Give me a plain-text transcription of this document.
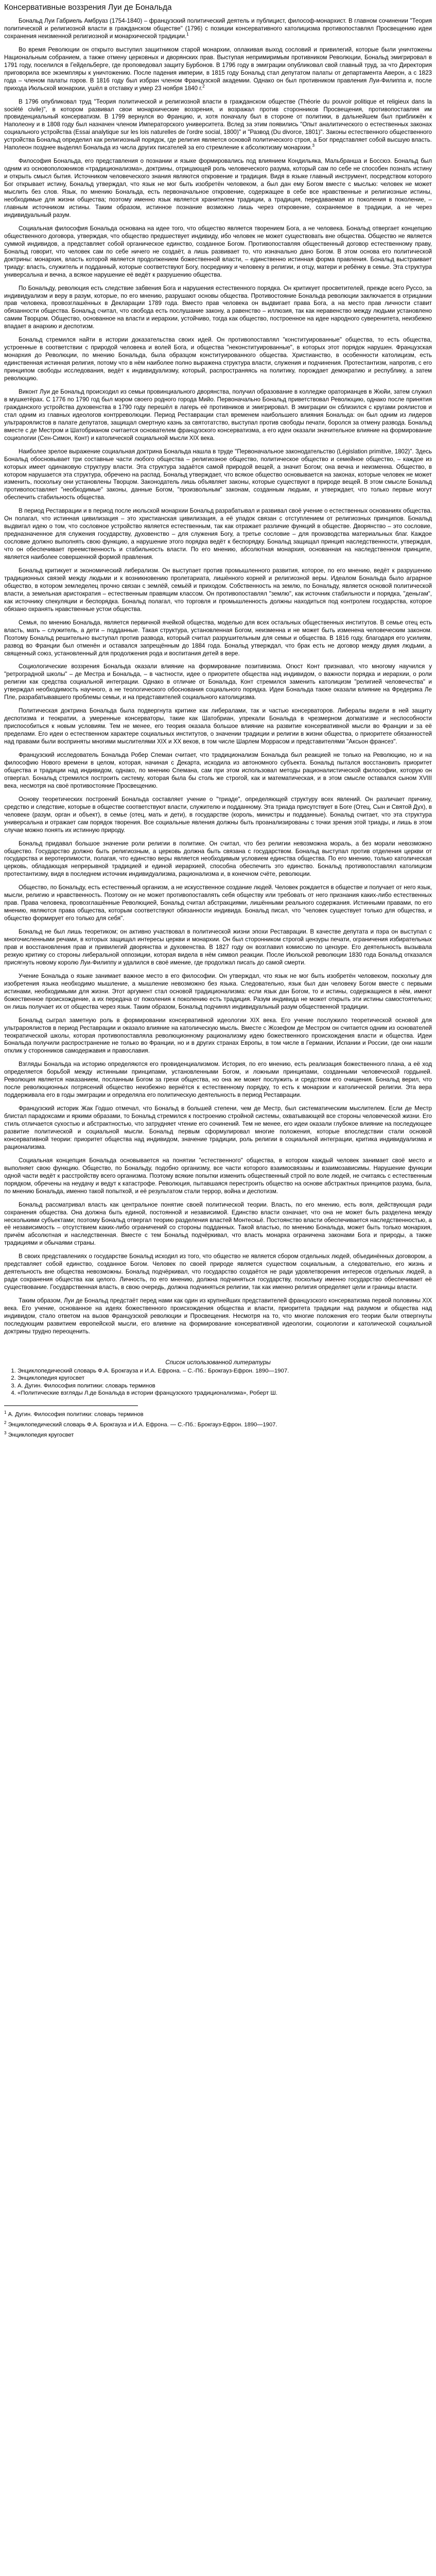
Консервативные воззрения Луи де Бональда

Бональд Луи Габриель Амбруаз (1754-1840) – французский политический деятель и публицист, философ-монархист. В главном сочинении "Теория политической и религиозной власти в гражданском обществе" (1796) с позиции консервативного католицизма противопоставлял Просвещению идеи сохранения неизменной религиозной и монархической традиции.$^1$

Во время Революции он открыто выступил защитником старой монархии, оплакивая выход сословий и привилегий, которые были уничтожены Национальным собранием, а также отмену церковных и дворянских прав. Выступая непримиримым противником Революции, Бональд эмигрировал в 1791 году, поселился в Гейдельберге, где проповедовал защиту Бурбонов. В 1796 году в эмиграции опубликовал свой главный труд, за что Директория приговорила все экземпляры к уничтожению. После падения империи, в 1815 году Бональд стал депутатом палаты от департамента Аверон, а с 1823 года – членом палаты пэров. В 1816 году был избран членом Французской академии. Однако он был противником правления Луи-Филиппа и, после прихода Июльской монархии, ушёл в отставку и умер 23 ноября 1840 г.$^2$

В 1796 опубликовал труд "Теория политической и религиозной власти в гражданском обществе (Théorie du pouvoir politique et religieux dans la société civile)", в котором развивал свои монархические воззрения, и возражал против сторонников Просвещения, противопоставляя им провиденциальный консерватизм. В 1799 вернулся во Францию, и, хотя поначалу был в стороне от политики, в дальнейшем был приближён к Наполеону и в 1808 году был назначен членом Императорского университета. Вслед за этим появились "Опыт аналитического о естественных законах социального устройства (Essai analytique sur les lois naturelles de l'ordre social, 1800)" и "Развод (Du divorce, 1801)". Законы естественного общественного устройства Бональд определил как религиозный порядок, где религия является основой политического строя, а Бог представляет собой высшую власть. Наполеон позднее выделял Бональда из числа других писателей за его стремление к абсолютизму монархии.$^3$

Философия Бональда, его представления о познании и языке формировались под влиянием Кондильяка, Мальбранша и Боссюэ. Бональд был одним из основоположников «традиционализма», доктрины, отрицающей роль человеческого разума, который сам по себе не способен познать истину и открыть смысл бытия. Источником человеческого знания являются откровение и традиция. Видя в языке главный инструмент, посредством которого Бог открывает истину, Бональд утверждал, что язык не мог быть изобретён человеком, а был дан ему Богом вместе с мыслью: человек не может мыслить без слов. Язык, по мнению Бональда, есть первоначальное откровение, содержащее в себе все нравственные и религиозные истины, необходимые для жизни общества; поэтому именно язык является хранителем традиции, а традиция, передаваемая из поколения в поколение, – главным источником истины. Таким образом, истинное познание возможно лишь через откровение, сохраняемое в традиции, а не через индивидуальный разум.

Социальная философия Бональда основана на идее того, что общество является творением Бога, а не человека. Бональд отвергает концепцию общественного договора, утверждая, что общество предшествует индивиду, ибо человек не может существовать вне общества. Общество не является суммой индивидов, а представляет собой органическое единство, созданное Богом. Противопоставляя общественный договор естественному праву, Бональд говорит, что человек сам по себе ничего не создаёт, а лишь развивает то, что изначально дано Богом. В этом основа его политической доктрины: монархия, власть которой является продолжением божественной власти, – единственно истинная форма правления. Бональд выстраивает триаду: власть, служитель и подданный, которые соответствуют Богу, посреднику и человеку в религии, и отцу, матери и ребёнку в семье. Эта структура универсальна и вечна, а всякое нарушение её ведёт к разрушению общества.

По Бональду, революция есть следствие забвения Бога и нарушения естественного порядка. Он критикует просветителей, прежде всего Руссо, за индивидуализм и веру в разум, которые, по его мнению, разрушают основы общества. Противостояние Бональда революции заключается в отрицании прав человека, провозглашённых в Декларации 1789 года. Вместо прав человека он выдвигает права Бога, а на место прав личности ставит обязанности общества. Бональд считал, что свобода есть послушание закону, а равенство – иллюзия, так как неравенство между людьми установлено самим Творцом. Общество, основанное на власти и иерархии, устойчиво, тогда как общество, построенное на идее народного суверенитета, неизбежно впадает в анархию и деспотизм.

Бональд стремился найти в истории доказательства своих идей. Он противопоставлял "конституированные" общества, то есть общества, устроенные в соответствии с природой человека и волей Бога, и общества "неконституированные", в которых этот порядок нарушен. Французская монархия до Революции, по мнению Бональда, была образцом конституированного общества. Христианство, в особенности католицизм, есть единственная истинная религия, потому что в нём наиболее полно выражена структура власти, служения и подчинения. Протестантизм, напротив, с его принципом свободы исследования, ведёт к индивидуализму, который, распространяясь на политику, порождает демократию и республику, а затем революцию.

Виконт Луи де Бональд происходил из семьи провинциального дворянства, получил образование в колледже ораторианцев в Жюйи, затем служил в мушкетёрах. С 1776 по 1790 год был мэром своего родного города Мийо. Первоначально Бональд приветствовал Революцию, однако после принятия гражданского устройства духовенства в 1790 году перешёл в лагерь её противников и эмигрировал. В эмиграции он сблизился с кругами роялистов и стал одним из главных идеологов контрреволюции. Период Реставрации стал временем наибольшего влияния Бональда: он был одним из лидеров ультрароялистов в палате депутатов, защищал смертную казнь за святотатство, выступал против свободы печати, боролся за отмену развода. Бональд вместе с де Местром и Шатобрианом считается основателем французского консерватизма, а его идеи оказали значительное влияние на формирование социологии (Сен-Симон, Конт) и католической социальной мысли XIX века.

Наиболее зрелое выражение социальная доктрина Бональда нашла в труде "Первоначальное законодательство (Législation primitive, 1802)". Здесь Бональд обосновывает три составные части любого общества – религиозное общество, политическое общество и семейное общество, – каждое из которых имеет одинаковую структуру власти. Эта структура задаётся самой природой вещей, а значит Богом; она вечна и неизменна. Общество, в котором нарушается эта структура, обречено на распад. Бональд утверждает, что всякое общество основывается на законах, которые человек не может изменить, поскольку они установлены Творцом. Законодатель лишь объявляет законы, которые существуют в природе вещей. В этом смысле Бональд противопоставляет "необходимые" законы, данные Богом, "произвольным" законам, созданным людьми, и утверждает, что только первые могут обеспечить стабильность общества.

В период Реставрации и в период после июльской монархии Бональд разрабатывал и развивал своё учение о естественных основаниях общества. Он полагал, что истинная цивилизация – это христианская цивилизация, а её упадок связан с отступлением от религиозных принципов. Бональд выдвигал идею о том, что сословное устройство является естественным, так как отражает различие функций в обществе. Дворянство – это сословие, предназначенное для служения государству, духовенство – для служения Богу, а третье сословие – для производства материальных благ. Каждое сословие должно выполнять свою функцию, а нарушение этого порядка ведёт к беспорядку. Бональд защищал принцип наследственности, утверждая, что он обеспечивает преемственность и стабильность власти. По его мнению, абсолютная монархия, основанная на наследственном принципе, является наиболее совершенной формой правления.

Бональд критикует и экономический либерализм. Он выступает против промышленного развития, которое, по его мнению, ведёт к разрушению традиционных связей между людьми и к возникновению пролетариата, лишённого корней и религиозной веры. Идеалом Бональда было аграрное общество, в котором земледелец прочно связан с землёй, семьёй и приходом. Собственность на землю, по Бональду, является основой политической власти, а земельная аристократия – естественным правящим классом. Он противопоставлял "землю", как источник стабильности и порядка, "деньгам", как источнику спекуляции и беспорядка. Бональд полагал, что торговля и промышленность должны находиться под контролем государства, которое обязано охранять нравственные устои общества.

Семья, по мнению Бональда, является первичной ячейкой общества, моделью для всех остальных общественных институтов. В семье отец есть власть, мать – служитель, а дети – подданные. Такая структура, установленная Богом, неизменна и не может быть изменена человеческим законом. Поэтому Бональд решительно выступал против развода, который считал разрушительным для семьи и общества. В 1816 году, благодаря его усилиям, развод во Франции был отменён и оставался запрещённым до 1884 года. Бональд утверждал, что брак есть не договор между двумя людьми, а священный союз, установленный для продолжения рода и воспитания детей в вере.

Социологические воззрения Бональда оказали влияние на формирование позитивизма. Огюст Конт признавал, что многому научился у "ретроградной школы" – де Местра и Бональда, – в частности, идее о приоритете общества над индивидом, о важности порядка и иерархии, о роли религии как средства социальной интеграции. Однако в отличие от Бональда, Конт стремился заменить католицизм "религией человечества" и утверждал необходимость научного, а не теологического обоснования социального порядка. Идеи Бональда также оказали влияние на Фредерика Ле Пле, разрабатывавшего проблемы семьи, и на представителей социального католицизма.

Политическая доктрина Бональда была подвергнута критике как либералами, так и частью консерваторов. Либералы видели в ней защиту деспотизма и теократии, а умеренные консерваторы, такие как Шатобриан, упрекали Бональда в чрезмерном догматизме и неспособности приспособиться к новым условиям. Тем не менее, его теория оказала большое влияние на развитие консервативной мысли во Франции и за её пределами. Его идеи о естественном характере социальных институтов, о значении традиции и религии в жизни общества, о приоритете обязанностей над правами были восприняты многими мыслителями XIX и XX веков, в том числе Шарлем Моррасом и представителями "Аксьон франсез".

Французский исследователь Бональда Робер Спеман считает, что традиционализм Бональда был реакцией не только на Революцию, но и на философию Нового времени в целом, которая, начиная с Декарта, исходила из автономного субъекта. Бональд пытался восстановить приоритет общества и традиции над индивидом, однако, по мнению Спемана, сам при этом использовал методы рационалистической философии, которую он отвергал. Бональд стремился построить систему, которая была бы столь же строгой, как и математическая, и в этом смысле оставался сыном XVIII века, несмотря на своё противостояние Просвещению.

Основу теоретических построений Бональда составляет учение о "триаде", определяющей структуру всех явлений. Он различает причину, средство и следствие, которые в обществе соответствуют власти, служителю и подданному. Эта триада присутствует в Боге (Отец, Сын и Святой Дух), в человеке (разум, орган и объект), в семье (отец, мать и дети), в государстве (король, министры и подданные). Бональд считает, что эта структура универсальна и отражает сам порядок творения. Все социальные явления должны быть проанализированы с точки зрения этой триады, и лишь в этом случае можно понять их истинную природу.

Бональд придавал большое значение роли религии в политике. Он считал, что без религии невозможна мораль, а без морали невозможно общество. Государство должно быть религиозным, а церковь должна быть связана с государством. Бональд выступал против отделения церкви от государства и веротерпимости, полагая, что единство веры является необходимым условием единства общества. По его мнению, только католическая церковь, обладающая непрерывной традицией и единой иерархией, способна обеспечить это единство. Бональд противопоставлял католицизм протестантизму, видя в последнем источник индивидуализма, рационализма и, в конечном счёте, революции.

Общество, по Бональду, есть естественный организм, а не искусственное создание людей. Человек рождается в обществе и получает от него язык, мысли, религию и нравственность. Поэтому он не может противопоставлять себя обществу или требовать от него признания каких-либо естественных прав. Права человека, провозглашённые Революцией, Бональд считал абстракциями, лишёнными реального содержания. Истинными правами, по его мнению, являются права общества, которым соответствуют обязанности индивида. Бональд писал, что "человек существует только для общества, и общество формирует его только для себя".

Бональд не был лишь теоретиком; он активно участвовал в политической жизни эпохи Реставрации. В качестве депутата и пэра он выступал с многочисленными речами, в которых защищал интересы церкви и монархии. Он был сторонником строгой цензуры печати, ограничения избирательных прав и восстановления прав и привилегий дворянства и духовенства. В 1827 году он возглавил комиссию по цензуре. Его деятельность вызывала резкую критику со стороны либеральной оппозиции, которая видела в нём символ реакции. После Июльской революции 1830 года Бональд отказался присягнуть новому королю Луи-Филиппу и удалился в своё имение, где продолжал писать до самой смерти.

Учение Бональда о языке занимает важное место в его философии. Он утверждал, что язык не мог быть изобретён человеком, поскольку для изобретения языка необходимо мышление, а мышление невозможно без языка. Следовательно, язык был дан человеку Богом вместе с первыми истинами, необходимыми для жизни. Этот аргумент стал основой традиционализма: если язык дан Богом, то и истины, содержащиеся в нём, имеют божественное происхождение, а их передача от поколения к поколению есть традиция. Разум индивида не может открыть эти истины самостоятельно; он лишь получает их от общества через язык. Таким образом, Бональд подчинял индивидуальный разум общественной традиции.

Бональд сыграл заметную роль в формировании консервативной идеологии XIX века. Его учение послужило теоретической основой для ультрароялистов в период Реставрации и оказало влияние на католическую мысль. Вместе с Жозефом де Местром он считается одним из основателей теократической школы, которая противопоставляла революционному рационализму идею божественного происхождения власти и общества. Идеи Бональда получили распространение не только во Франции, но и в других странах Европы, в том числе в Германии, Испании и России, где они нашли отклик у сторонников самодержавия и православия.

Взгляды Бональда на историю определяются его провиденциализмом. История, по его мнению, есть реализация божественного плана, а её ход определяется борьбой между истинными принципами, установленными Богом, и ложными принципами, созданными человеческой гордыней. Революция является наказанием, посланным Богом за грехи общества, но она же может послужить и средством его очищения. Бональд верил, что после революционных потрясений общество неизбежно вернётся к естественному порядку, то есть к монархии и католической религии. Эта вера поддерживала его в годы эмиграции и определяла его политическую деятельность в период Реставрации.

Французский историк Жак Годшо отмечал, что Бональд в большей степени, чем де Местр, был систематическим мыслителем. Если де Местр блистал парадоксами и яркими образами, то Бональд стремился к построению стройной системы, охватывающей все стороны человеческой жизни. Его стиль отличается сухостью и абстрактностью, что затрудняет чтение его сочинений. Тем не менее, его идеи оказали глубокое влияние на последующее развитие политической и социальной мысли. Бональд первым сформулировал многие положения, которые впоследствии стали основой консервативной теории: приоритет общества над индивидом, значение традиции, роль религии в социальной интеграции, критика индивидуализма и рационализма.

Социальная концепция Бональда основывается на понятии "естественного" общества, в котором каждый человек занимает своё место и выполняет свою функцию. Общество, по Бональду, подобно организму, все части которого взаимосвязаны и взаимозависимы. Нарушение функции одной части ведёт к расстройству всего организма. Поэтому всякие попытки изменить общественный строй по воле людей, не считаясь с естественным порядком, обречены на неудачу и ведут к катастрофе. Революция, пытавшаяся перестроить общество на основе абстрактных принципов разума, была, по мнению Бональда, именно такой попыткой, и её результатом стали террор, война и деспотизм.

Бональд рассматривал власть как центральное понятие своей политической теории. Власть, по его мнению, есть воля, действующая ради сохранения общества. Она должна быть единой, постоянной и независимой. Единство власти означает, что она не может быть разделена между несколькими субъектами; поэтому Бональд отвергал теорию разделения властей Монтескьё. Постоянство власти обеспечивается наследственностью, а её независимость – отсутствием каких-либо ограничений со стороны подданных. Такой властью, по мнению Бональда, может быть только монархия, причём абсолютная и наследственная. Вместе с тем Бональд подчёркивал, что власть монарха ограничена законами Бога и природы, а также традициями и обычаями страны.

В своих представлениях о государстве Бональд исходил из того, что общество не является сбором отдельных людей, объединённых договором, а представляет собой единство, созданное Богом. Человек по своей природе является существом социальным, а следовательно, его жизнь и деятельность вне общества невозможны. Бональд подчёркивал, что государство создаётся не ради удовлетворения интересов отдельных людей, а ради сохранения общества как целого. Личность, по его мнению, должна подчиняться государству, поскольку именно государство обеспечивает её существование. Государственная власть, в свою очередь, должна подчиняться религии, так как именно религия определяет цели и границы власти.

Таким образом, Луи де Бональд предстаёт перед нами как один из крупнейших представителей французского консерватизма первой половины XIX века. Его учение, основанное на идеях божественного происхождения общества и власти, приоритета традиции над разумом и общества над индивидом, стало ответом на вызов Французской революции и Просвещения. Несмотря на то, что многие положения его теории были отвергнуты последующим развитием европейской мысли, его влияние на формирование консервативной идеологии, социологии и католической социальной доктрины трудно переоценить.

Список использованной литературы
1. Энциклопедический словарь Ф.А. Брокгауза и И.А. Ефрона. – С.-Пб.: Брокгауз-Ефрон. 1890—1907.
2. Энциклопедия кругосвет
3. А. Дугин. Философия политики: словарь терминов
4. «Политические взгляды Л.де Бональда в истории французского традиционализма», Роберт Ш.
$^1$ А. Дугин. Философия политики: словарь терминов
$^2$ Энциклопедический словарь Ф.А. Брокгауза и И.А. Ефрона. — С.-Пб.: Брокгауз-Ефрон. 1890—1907.
$^3$ Энциклопедия кругосвет
